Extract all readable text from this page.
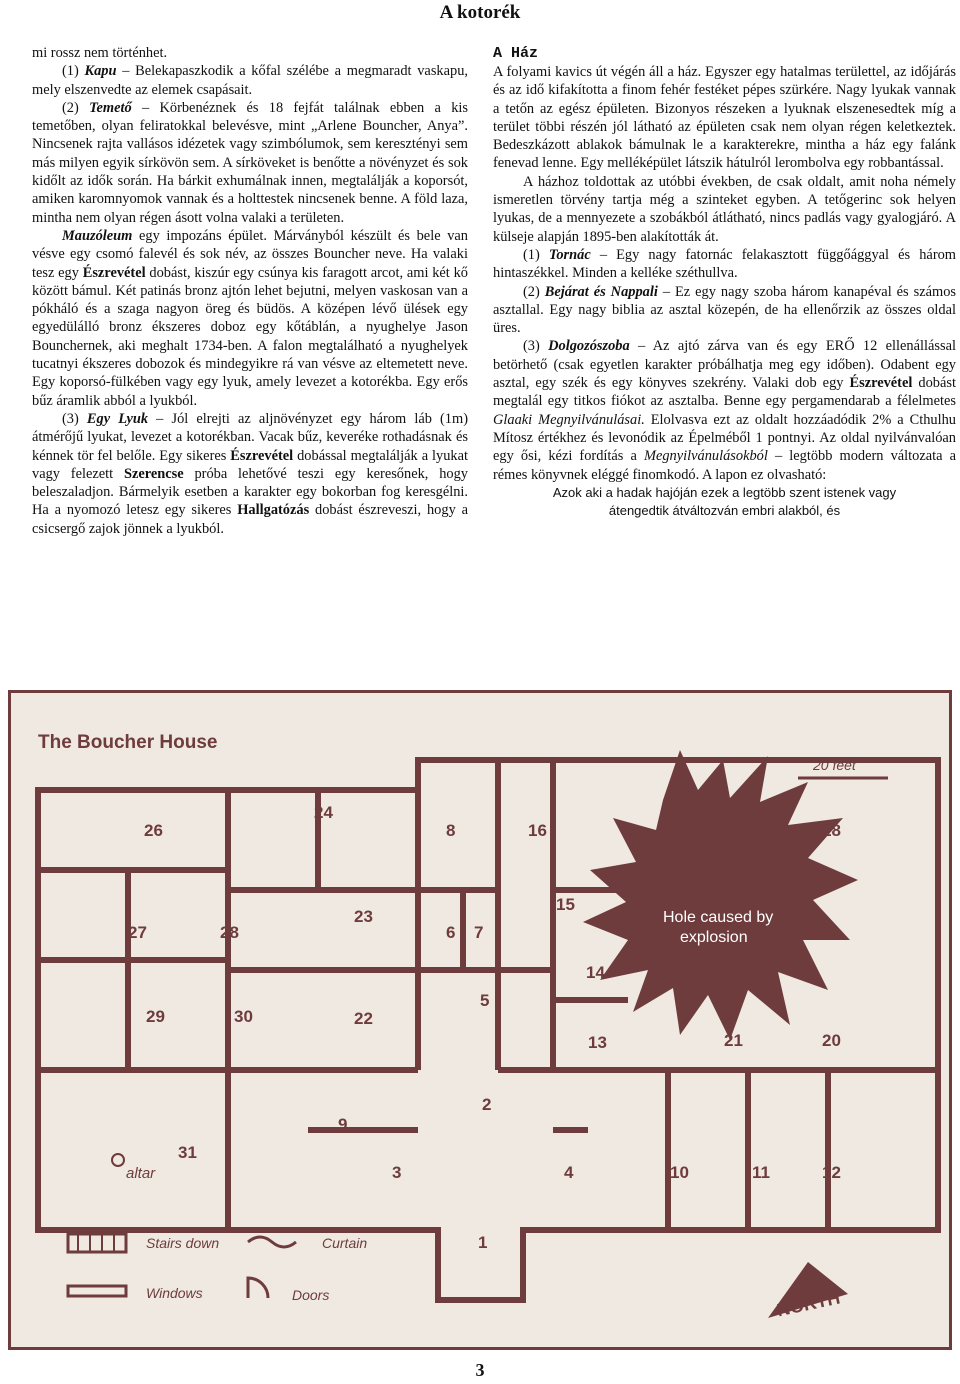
A kotorék

mi rossz nem történhet.

(1) Kapu – Belekapaszkodik a kőfal szélébe a megmaradt vaskapu, mely elszenvedte az elemek csapásait.

(2) Temető – Körbenéznek és 18 fejfát találnak ebben a kis temetőben, olyan feliratokkal belevésve, mint „Arlene Bouncher, Anya”. Nincsenek rajta vallásos idézetek vagy szimbólumok, sem keresztényi sem más milyen egyik sírkövön sem. A sírköveket is benőtte a növényzet és sok kidőlt az idők során. Ha bárkit exhumálnak innen, megtalálják a koporsót, amiken karomnyomok vannak és a holttestek nincsenek benne. A föld laza, mintha nem olyan régen ásott volna valaki a területen.

Mauzóleum egy impozáns épület. Márványból készült és bele van vésve egy csomó falevél és sok név, az összes Bouncher neve. Ha valaki tesz egy Észrevétel dobást, kiszúr egy csúnya kis faragott arcot, ami két kő között bámul. Két patinás bronz ajtón lehet bejutni, melyen vaskosan van a pókháló és a szaga nagyon öreg és büdös. A középen lévő ülések egy egyedülálló bronz ékszeres doboz egy kőtáblán, a nyughelye Jason Bounchernek, aki meghalt 1734-ben. A falon megtalálható a nyughelyek tucatnyi ékszeres dobozok és mindegyikre rá van vésve az eltemetett neve. Egy koporsó-fülkében vagy egy lyuk, amely levezet a kotorékba. Egy erős bűz áramlik abból a lyukból.

(3) Egy Lyuk – Jól elrejti az aljnövényzet egy három láb (1m) átmérőjű lyukat, levezet a kotorékban. Vacak bűz, keveréke rothadásnak és kénnek tör fel belőle. Egy sikeres Észrevétel dobással megtalálják a lyukat vagy felezett Szerencse próba lehetővé teszi egy keresőnek, hogy beleszaladjon. Bármelyik esetben a karakter egy bokorban fog keresgélni. Ha a nyomozó letesz egy sikeres Hallgatózás dobást észreveszi, hogy a csicsergő zajok jönnek a lyukból.

A Ház

A folyami kavics út végén áll a ház. Egyszer egy hatalmas területtel, az időjárás és az idő kifakította a finom fehér festéket pépes szürkére. Nagy lyukak vannak a tetőn az egész épületen. Bizonyos részeken a lyuknak elszenesedtek míg a terület többi részén jól látható az épületen csak nem olyan régen keletkeztek. Bedeszkázott ablakok bámulnak le a karakterekre, mintha a ház egy falánk fenevad lenne. Egy melléképület látszik hátulról lerombolva egy robbantással.

A házhoz toldottak az utóbbi években, de csak oldalt, amit noha némely ismeretlen törvény tartja még a szinteket egyben. A tetőgerinc sok helyen lyukas, de a mennyezete a szobákból átlátható, nincs padlás vagy gyalogjáró. A külseje alapján 1895-ben alakították át.

(1) Tornác – Egy nagy fatornác felakasztott függőággyal és három hintaszékkel. Minden a kelléke széthullva.

(2) Bejárat és Nappali – Ez egy nagy szoba három kanapéval és számos asztallal. Egy nagy biblia az asztal közepén, de ha ellenőrzik az összes oldal üres.

(3) Dolgozószoba – Az ajtó zárva van és egy ERŐ 12 ellenállással betörhető (csak egyetlen karakter próbálhatja meg egy időben). Odabent egy asztal, egy szék és egy könyves szekrény. Valaki dob egy Észrevétel dobást megtalál egy titkos fiókot az asztalba. Benne egy pergamendarab a félelmetes Glaaki Megnyilvánulásai. Elolvasva ezt az oldalt hozzáadódik 2% a Cthulhu Mítosz értékhez és levonódik az Épelméből 1 pontnyi. Az oldal nyilvánvalóan egy ősi, kézi fordítás a Megnyilvánulásokból – legtöbb modern változata a rémes könyvnek eléggé finomkodó. A lapon ez olvasható:

Azok aki a hadak hajóján ezek a legtöbb szent istenek vagy átengedtik átváltozván embri alakból, és

20 feet
The Boucher House
Hole caused by
explosion
26
24
8	16
17
18
15
23
27	28	6 7
14
5
29	30	22
13	21	20
2
9
31
3	4	10	11	12
1
altar
Stairs down	Curtain
Windows	Doors	NORTH
3
